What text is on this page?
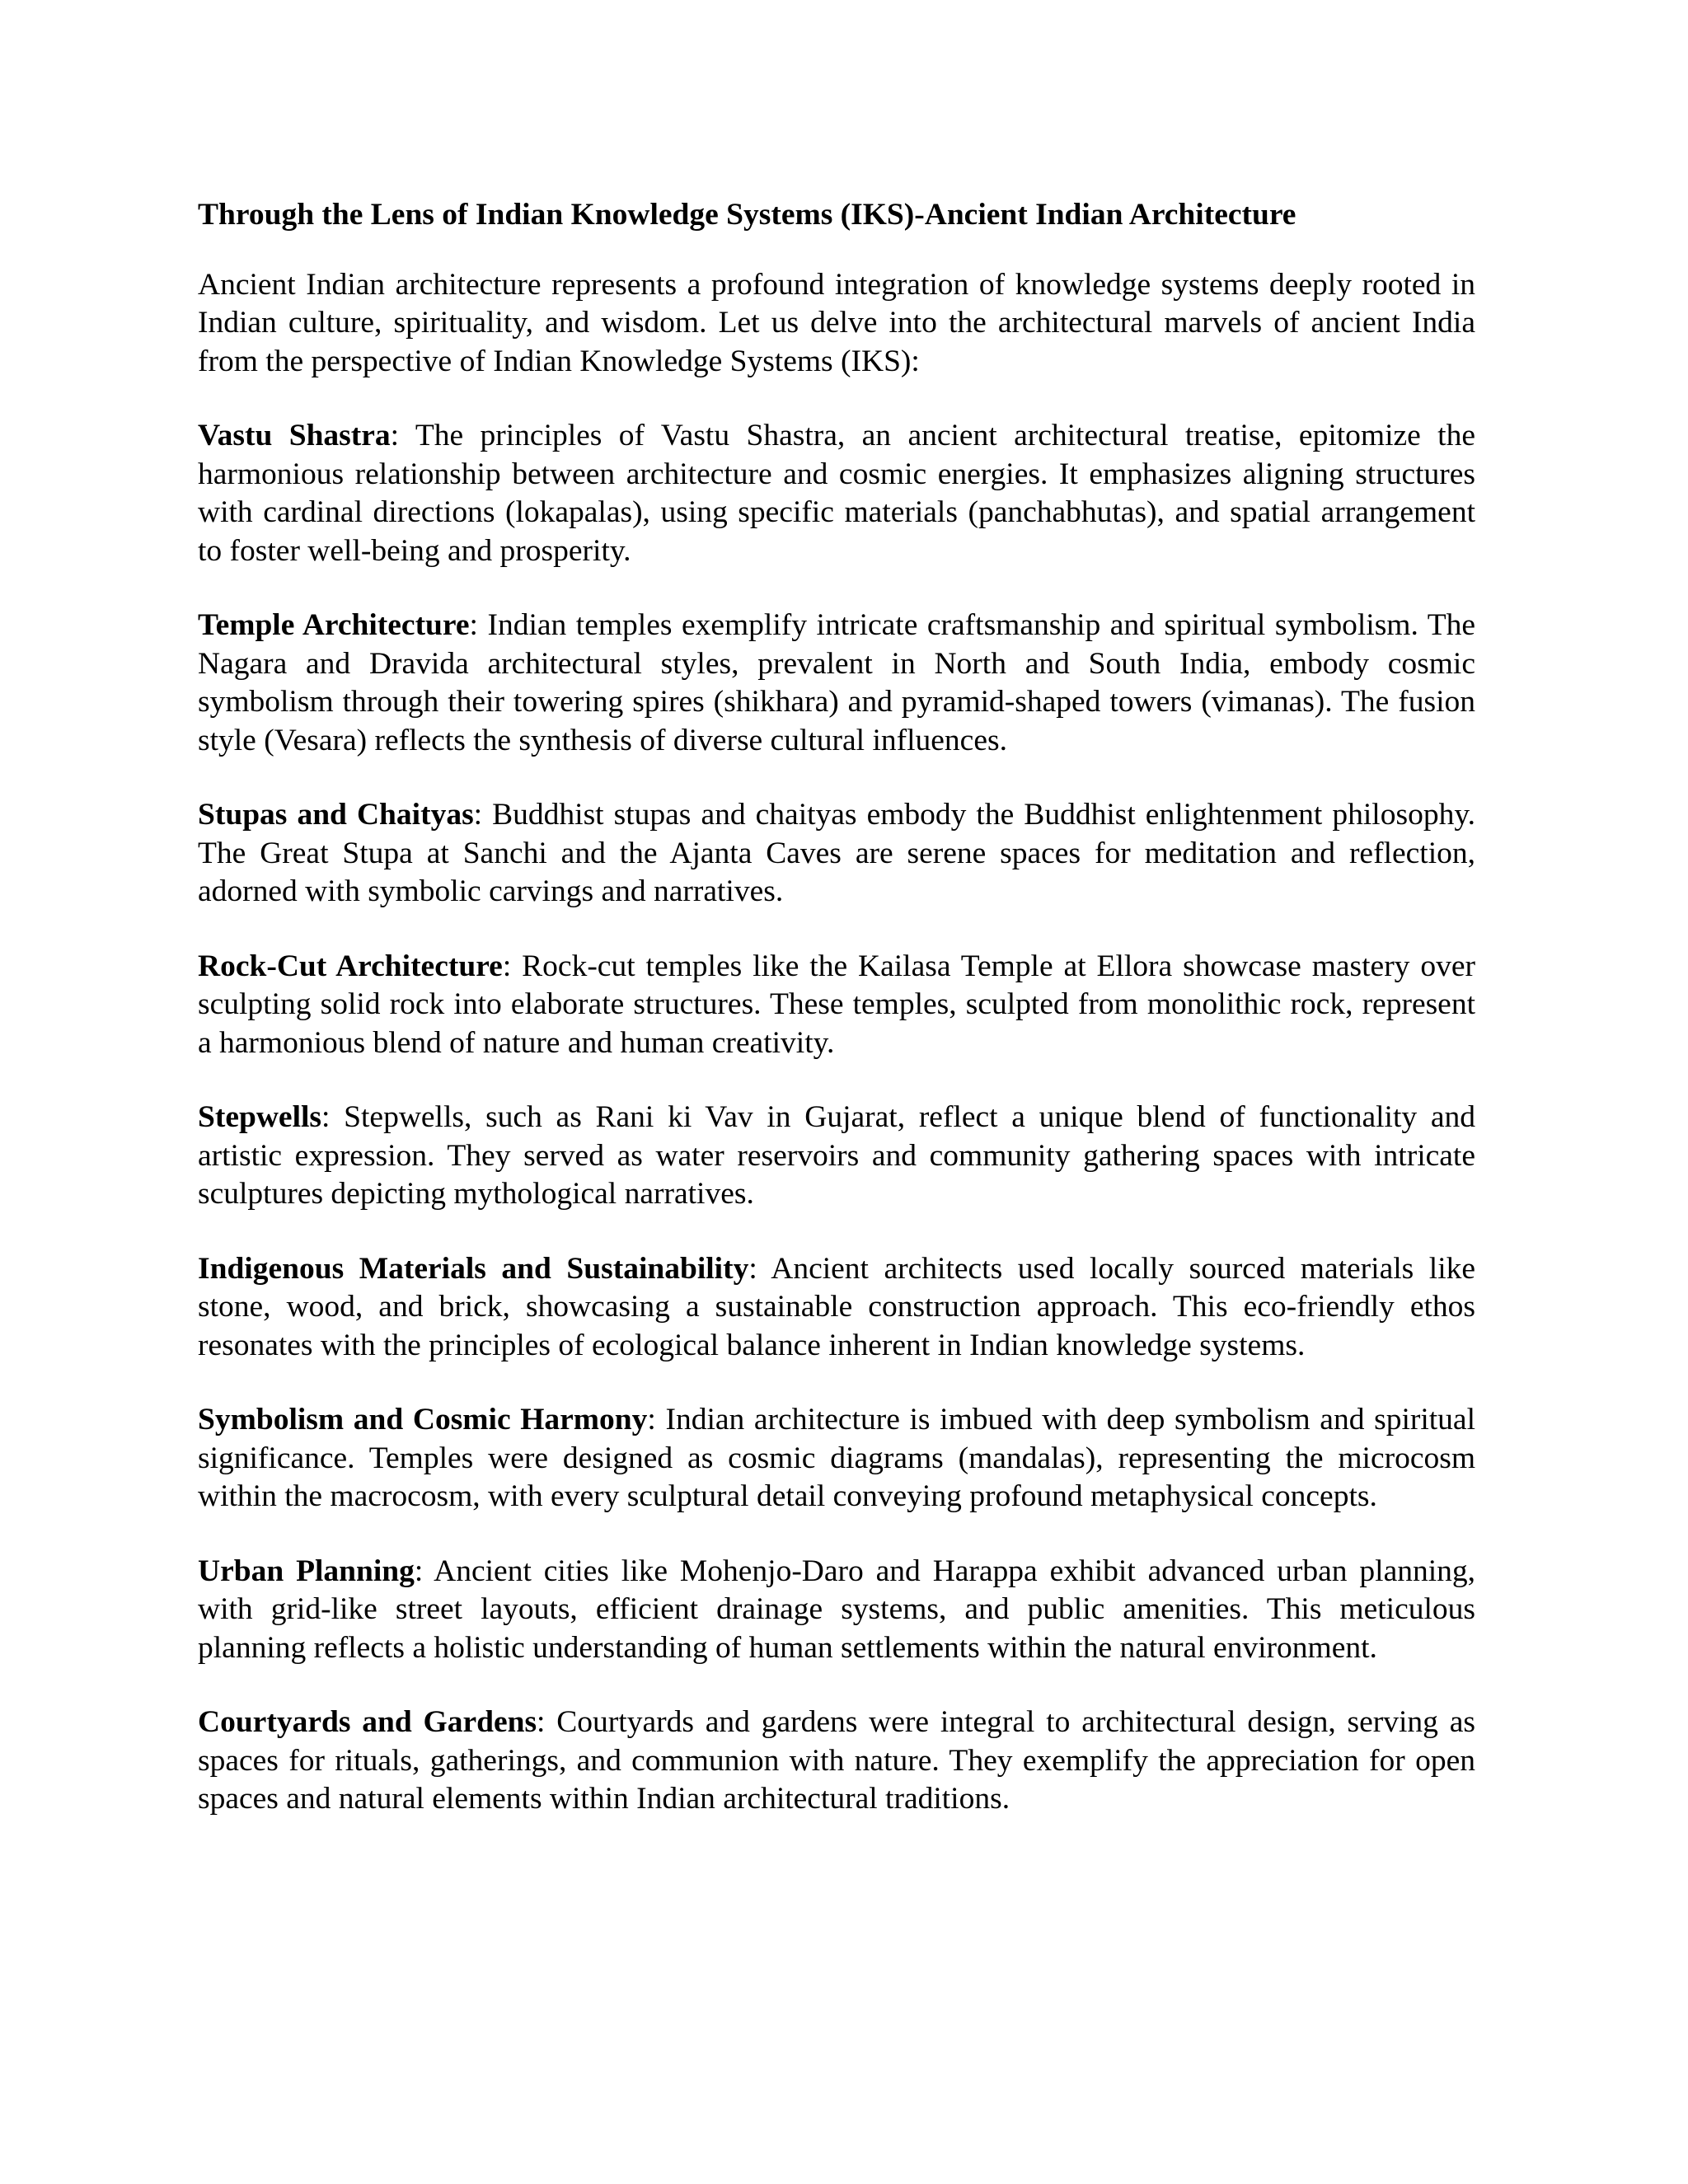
Through the Lens of Indian Knowledge Systems (IKS)-Ancient Indian Architecture

Ancient Indian architecture represents a profound integration of knowledge systems deeply rooted in Indian culture, spirituality, and wisdom. Let us delve into the architectural marvels of ancient India from the perspective of Indian Knowledge Systems (IKS):

Vastu Shastra: The principles of Vastu Shastra, an ancient architectural treatise, epitomize the harmonious relationship between architecture and cosmic energies. It emphasizes aligning structures with cardinal directions (lokapalas), using specific materials (panchabhutas), and spatial arrangement to foster well-being and prosperity.

Temple Architecture: Indian temples exemplify intricate craftsmanship and spiritual symbolism. The Nagara and Dravida architectural styles, prevalent in North and South India, embody cosmic symbolism through their towering spires (shikhara) and pyramid-shaped towers (vimanas). The fusion style (Vesara) reflects the synthesis of diverse cultural influences.

Stupas and Chaityas: Buddhist stupas and chaityas embody the Buddhist enlightenment philosophy. The Great Stupa at Sanchi and the Ajanta Caves are serene spaces for meditation and reflection, adorned with symbolic carvings and narratives.

Rock-Cut Architecture: Rock-cut temples like the Kailasa Temple at Ellora showcase mastery over sculpting solid rock into elaborate structures. These temples, sculpted from monolithic rock, represent a harmonious blend of nature and human creativity.

Stepwells: Stepwells, such as Rani ki Vav in Gujarat, reflect a unique blend of functionality and artistic expression. They served as water reservoirs and community gathering spaces with intricate sculptures depicting mythological narratives.

Indigenous Materials and Sustainability: Ancient architects used locally sourced materials like stone, wood, and brick, showcasing a sustainable construction approach. This eco-friendly ethos resonates with the principles of ecological balance inherent in Indian knowledge systems.

Symbolism and Cosmic Harmony: Indian architecture is imbued with deep symbolism and spiritual significance. Temples were designed as cosmic diagrams (mandalas), representing the microcosm within the macrocosm, with every sculptural detail conveying profound metaphysical concepts.

Urban Planning: Ancient cities like Mohenjo-Daro and Harappa exhibit advanced urban planning, with grid-like street layouts, efficient drainage systems, and public amenities. This meticulous planning reflects a holistic understanding of human settlements within the natural environment.

Courtyards and Gardens: Courtyards and gardens were integral to architectural design, serving as spaces for rituals, gatherings, and communion with nature. They exemplify the appreciation for open spaces and natural elements within Indian architectural traditions.
